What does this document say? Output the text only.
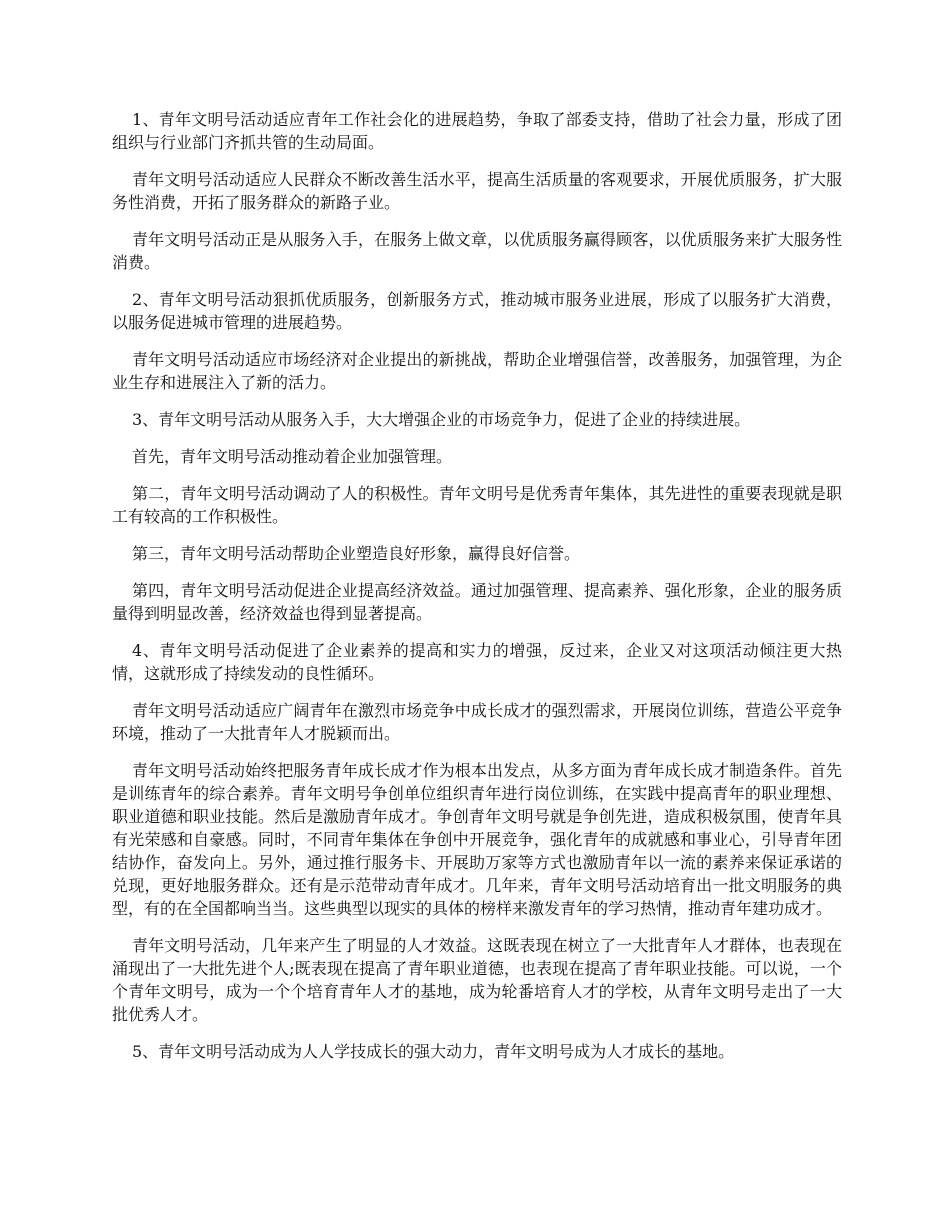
1、青年文明号活动适应青年工作社会化的进展趋势，争取了部委支持，借助了社会力量，形成了团组织与行业部门齐抓共管的生动局面。

青年文明号活动适应人民群众不断改善生活水平，提高生活质量的客观要求，开展优质服务，扩大服务性消费，开拓了服务群众的新路子业。

青年文明号活动正是从服务入手，在服务上做文章，以优质服务赢得顾客，以优质服务来扩大服务性消费。

2、青年文明号活动狠抓优质服务，创新服务方式，推动城市服务业进展，形成了以服务扩大消费，以服务促进城市管理的进展趋势。

青年文明号活动适应市场经济对企业提出的新挑战，帮助企业增强信誉，改善服务，加强管理，为企业生存和进展注入了新的活力。

3、青年文明号活动从服务入手，大大增强企业的市场竞争力，促进了企业的持续进展。

首先，青年文明号活动推动着企业加强管理。

第二，青年文明号活动调动了人的积极性。青年文明号是优秀青年集体，其先进性的重要表现就是职工有较高的工作积极性。

第三，青年文明号活动帮助企业塑造良好形象，赢得良好信誉。

第四，青年文明号活动促进企业提高经济效益。通过加强管理、提高素养、强化形象，企业的服务质量得到明显改善，经济效益也得到显著提高。

4、青年文明号活动促进了企业素养的提高和实力的增强，反过来，企业又对这项活动倾注更大热情，这就形成了持续发动的良性循环。

青年文明号活动适应广阔青年在激烈市场竞争中成长成才的强烈需求，开展岗位训练，营造公平竞争环境，推动了一大批青年人才脱颖而出。

青年文明号活动始终把服务青年成长成才作为根本出发点，从多方面为青年成长成才制造条件。首先是训练青年的综合素养。青年文明号争创单位组织青年进行岗位训练，在实践中提高青年的职业理想、职业道德和职业技能。然后是激励青年成才。争创青年文明号就是争创先进，造成积极氛围，使青年具有光荣感和自豪感。同时，不同青年集体在争创中开展竞争，强化青年的成就感和事业心，引导青年团结协作，奋发向上。另外，通过推行服务卡、开展助万家等方式也激励青年以一流的素养来保证承诺的兑现，更好地服务群众。还有是示范带动青年成才。几年来，青年文明号活动培育出一批文明服务的典型，有的在全国都响当当。这些典型以现实的具体的榜样来激发青年的学习热情，推动青年建功成才。

青年文明号活动，几年来产生了明显的人才效益。这既表现在树立了一大批青年人才群体，也表现在涌现出了一大批先进个人;既表现在提高了青年职业道德，也表现在提高了青年职业技能。可以说，一个个青年文明号，成为一个个培育青年人才的基地，成为轮番培育人才的学校，从青年文明号走出了一大批优秀人才。

5、青年文明号活动成为人人学技成长的强大动力，青年文明号成为人才成长的基地。
